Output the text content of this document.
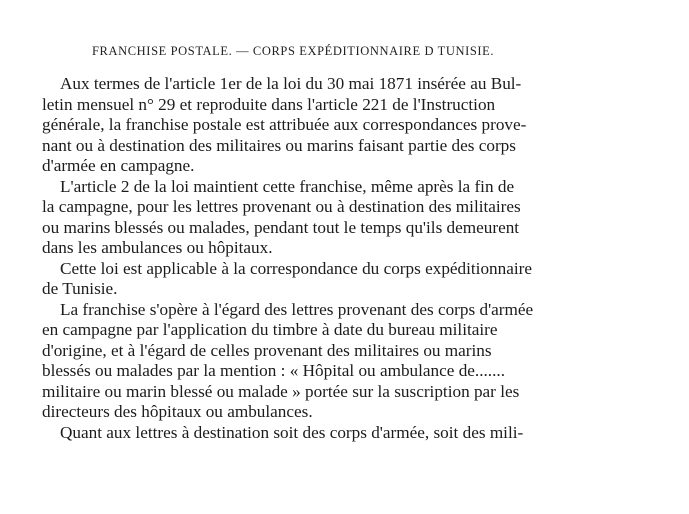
FRANCHISE POSTALE. — CORPS EXPÉDITIONNAIRE D TUNISIE.
Aux termes de l'article 1er de la loi du 30 mai 1871 insérée au Bul-
letin mensuel n° 29 et reproduite dans l'article 221 de l'Instruction
générale, la franchise postale est attribuée aux correspondances prove-
nant ou à destination des militaires ou marins faisant partie des corps
d'armée en campagne.
L'article 2 de la loi maintient cette franchise, même après la fin de
la campagne, pour les lettres provenant ou à destination des militaires
ou marins blessés ou malades, pendant tout le temps qu'ils demeurent
dans les ambulances ou hôpitaux.
Cette loi est applicable à la correspondance du corps expéditionnaire
de Tunisie.
La franchise s'opère à l'égard des lettres provenant des corps d'armée
en campagne par l'application du timbre à date du bureau militaire
d'origine, et à l'égard de celles provenant des militaires ou marins
blessés ou malades par la mention : « Hôpital ou ambulance de.......
militaire ou marin blessé ou malade » portée sur la suscription par les
directeurs des hôpitaux ou ambulances.
Quant aux lettres à destination soit des corps d'armée, soit des mili-
